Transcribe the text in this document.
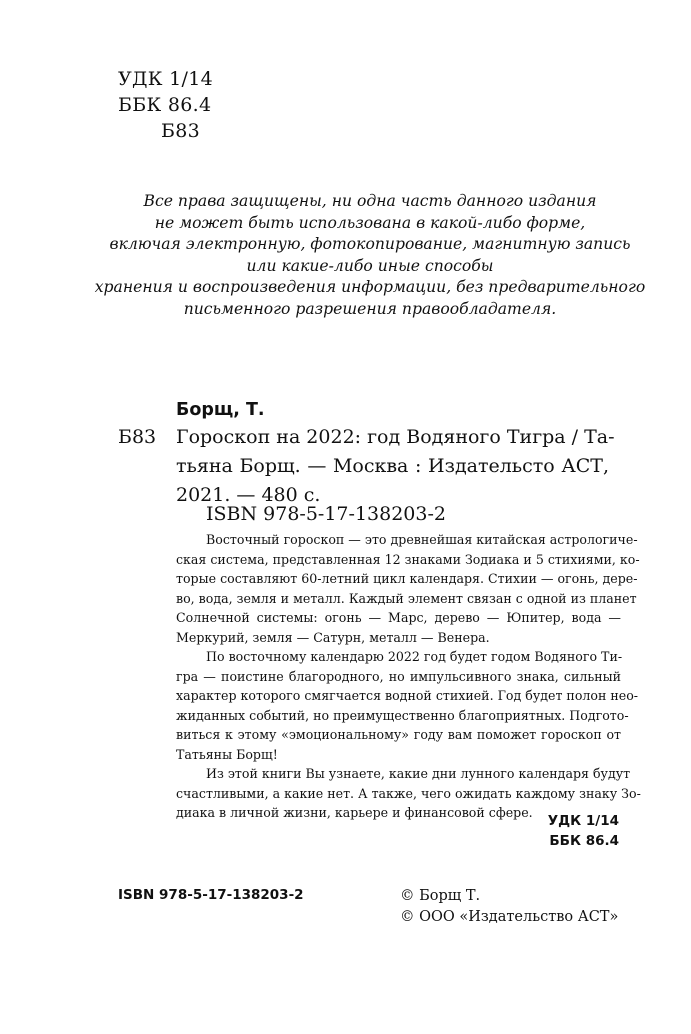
УДК 1/14
ББК 86.4
Б83
Все права защищены, ни одна часть данного издания
не может быть использована в какой-либо форме,
включая электронную, фотокопирование, магнитную запись
или какие-либо иные способы
хранения и воспроизведения информации, без предварительного
письменного разрешения правообладателя.
Борщ, Т.
Б83 Гороскоп на 2022: год Водяного Тигра / Та-
тьяна Борщ. — Москва : Издательсто АСТ,
2021. — 480 с.
ISBN 978-5-17-138203-2
Восточный гороскоп — это древнейшая китайская астрологиче-
ская система, представленная 12 знаками Зодиака и 5 стихиями, ко-
торые составляют 60-летний цикл календаря. Стихии — огонь, дере-
во, вода, земля и металл. Каждый элемент связан с одной из планет
Солнечной системы: огонь — Марс, дерево — Юпитер, вода —
Меркурий, земля — Сатурн, металл — Венера.
По восточному календарю 2022 год будет годом Водяного Ти-
гра — поистине благородного, но импульсивного знака, сильный
характер которого смягчается водной стихией. Год будет полон нео-
жиданных событий, но преимущественно благоприятных. Подгото-
виться к этому «эмоциональному» году вам поможет гороскоп от
Татьяны Борщ!
Из этой книги Вы узнаете, какие дни лунного календаря будут
счастливыми, а какие нет. А также, чего ожидать каждому знаку Зо-
диака в личной жизни, карьере и финансовой сфере.
УДК 1/14
ББК 86.4
ISBN 978-5-17-138203-2	© Борщ Т.
© ООО «Издательство АСТ»
